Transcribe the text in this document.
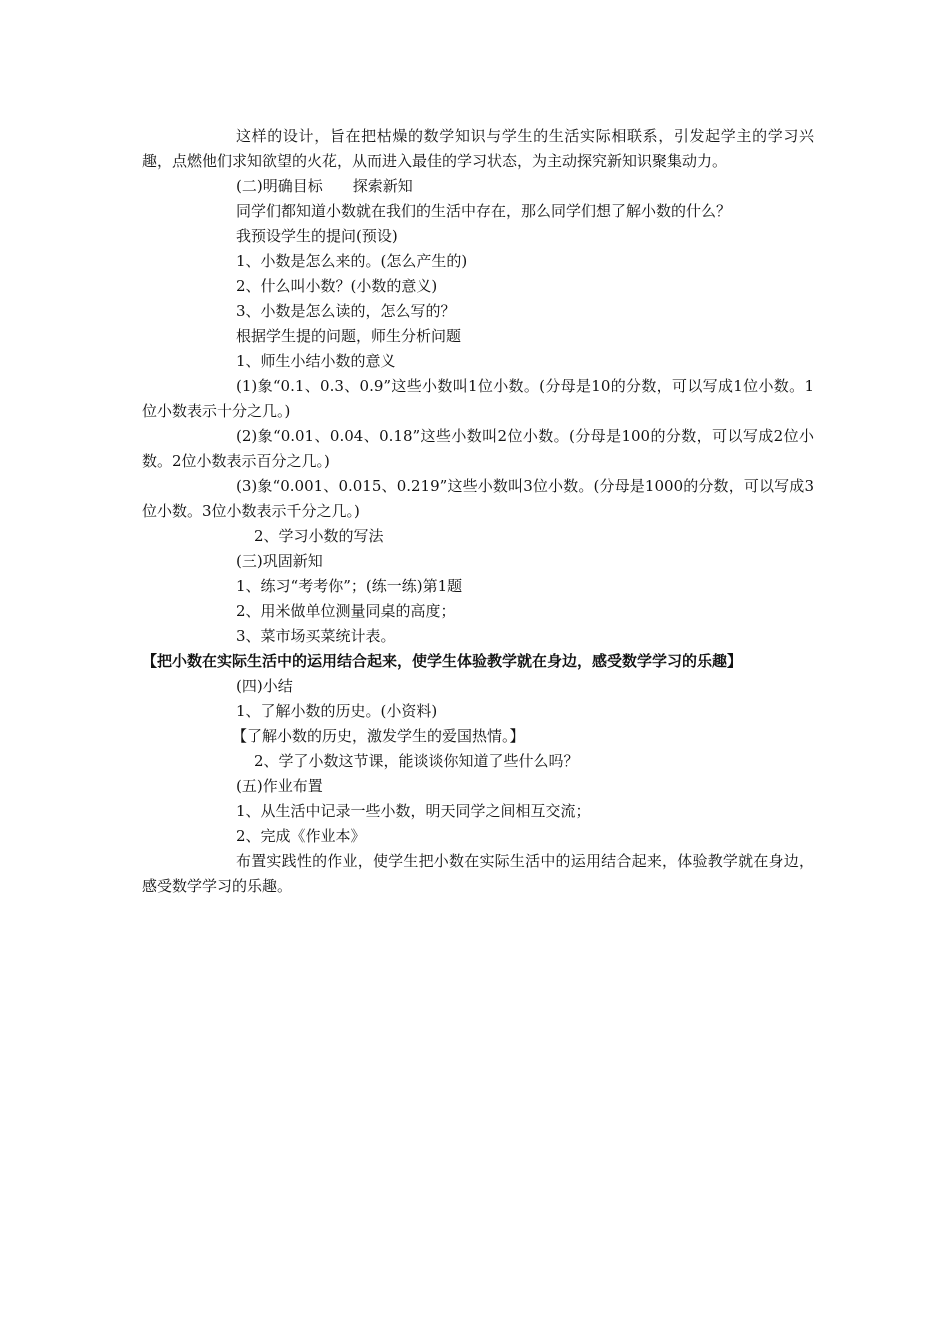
这样的设计，旨在把枯燥的数学知识与学生的生活实际相联系，引发起学主的学习兴趣，点燃他们求知欲望的火花，从而进入最佳的学习状态，为主动探究新知识聚集动力。

(二)明确目标　　探索新知

同学们都知道小数就在我们的生活中存在，那么同学们想了解小数的什么？

我预设学生的提问(预设)

1、小数是怎么来的。(怎么产生的)

2、什么叫小数？(小数的意义)

3、小数是怎么读的，怎么写的？

根据学生提的问题，师生分析问题

1、师生小结小数的意义

(1)象“0.1、0.3、0.9”这些小数叫1位小数。(分母是10的分数，可以写成1位小数。1位小数表示十分之几。)

(2)象“0.01、0.04、0.18”这些小数叫2位小数。(分母是100的分数，可以写成2位小数。2位小数表示百分之几。)

(3)象“0.001、0.015、0.219”这些小数叫3位小数。(分母是1000的分数，可以写成3位小数。3位小数表示千分之几。)

2、学习小数的写法

(三)巩固新知

1、练习“考考你”；(练一练)第1题

2、用米做单位测量同桌的高度；

3、菜市场买菜统计表。

【把小数在实际生活中的运用结合起来，使学生体验教学就在身边，感受数学学习的乐趣】

(四)小结

1、了解小数的历史。(小资料)

【了解小数的历史，激发学生的爱国热情。】

2、学了小数这节课，能谈谈你知道了些什么吗？

(五)作业布置

1、从生活中记录一些小数，明天同学之间相互交流；

2、完成《作业本》

布置实践性的作业，使学生把小数在实际生活中的运用结合起来，体验教学就在身边，感受数学学习的乐趣。
